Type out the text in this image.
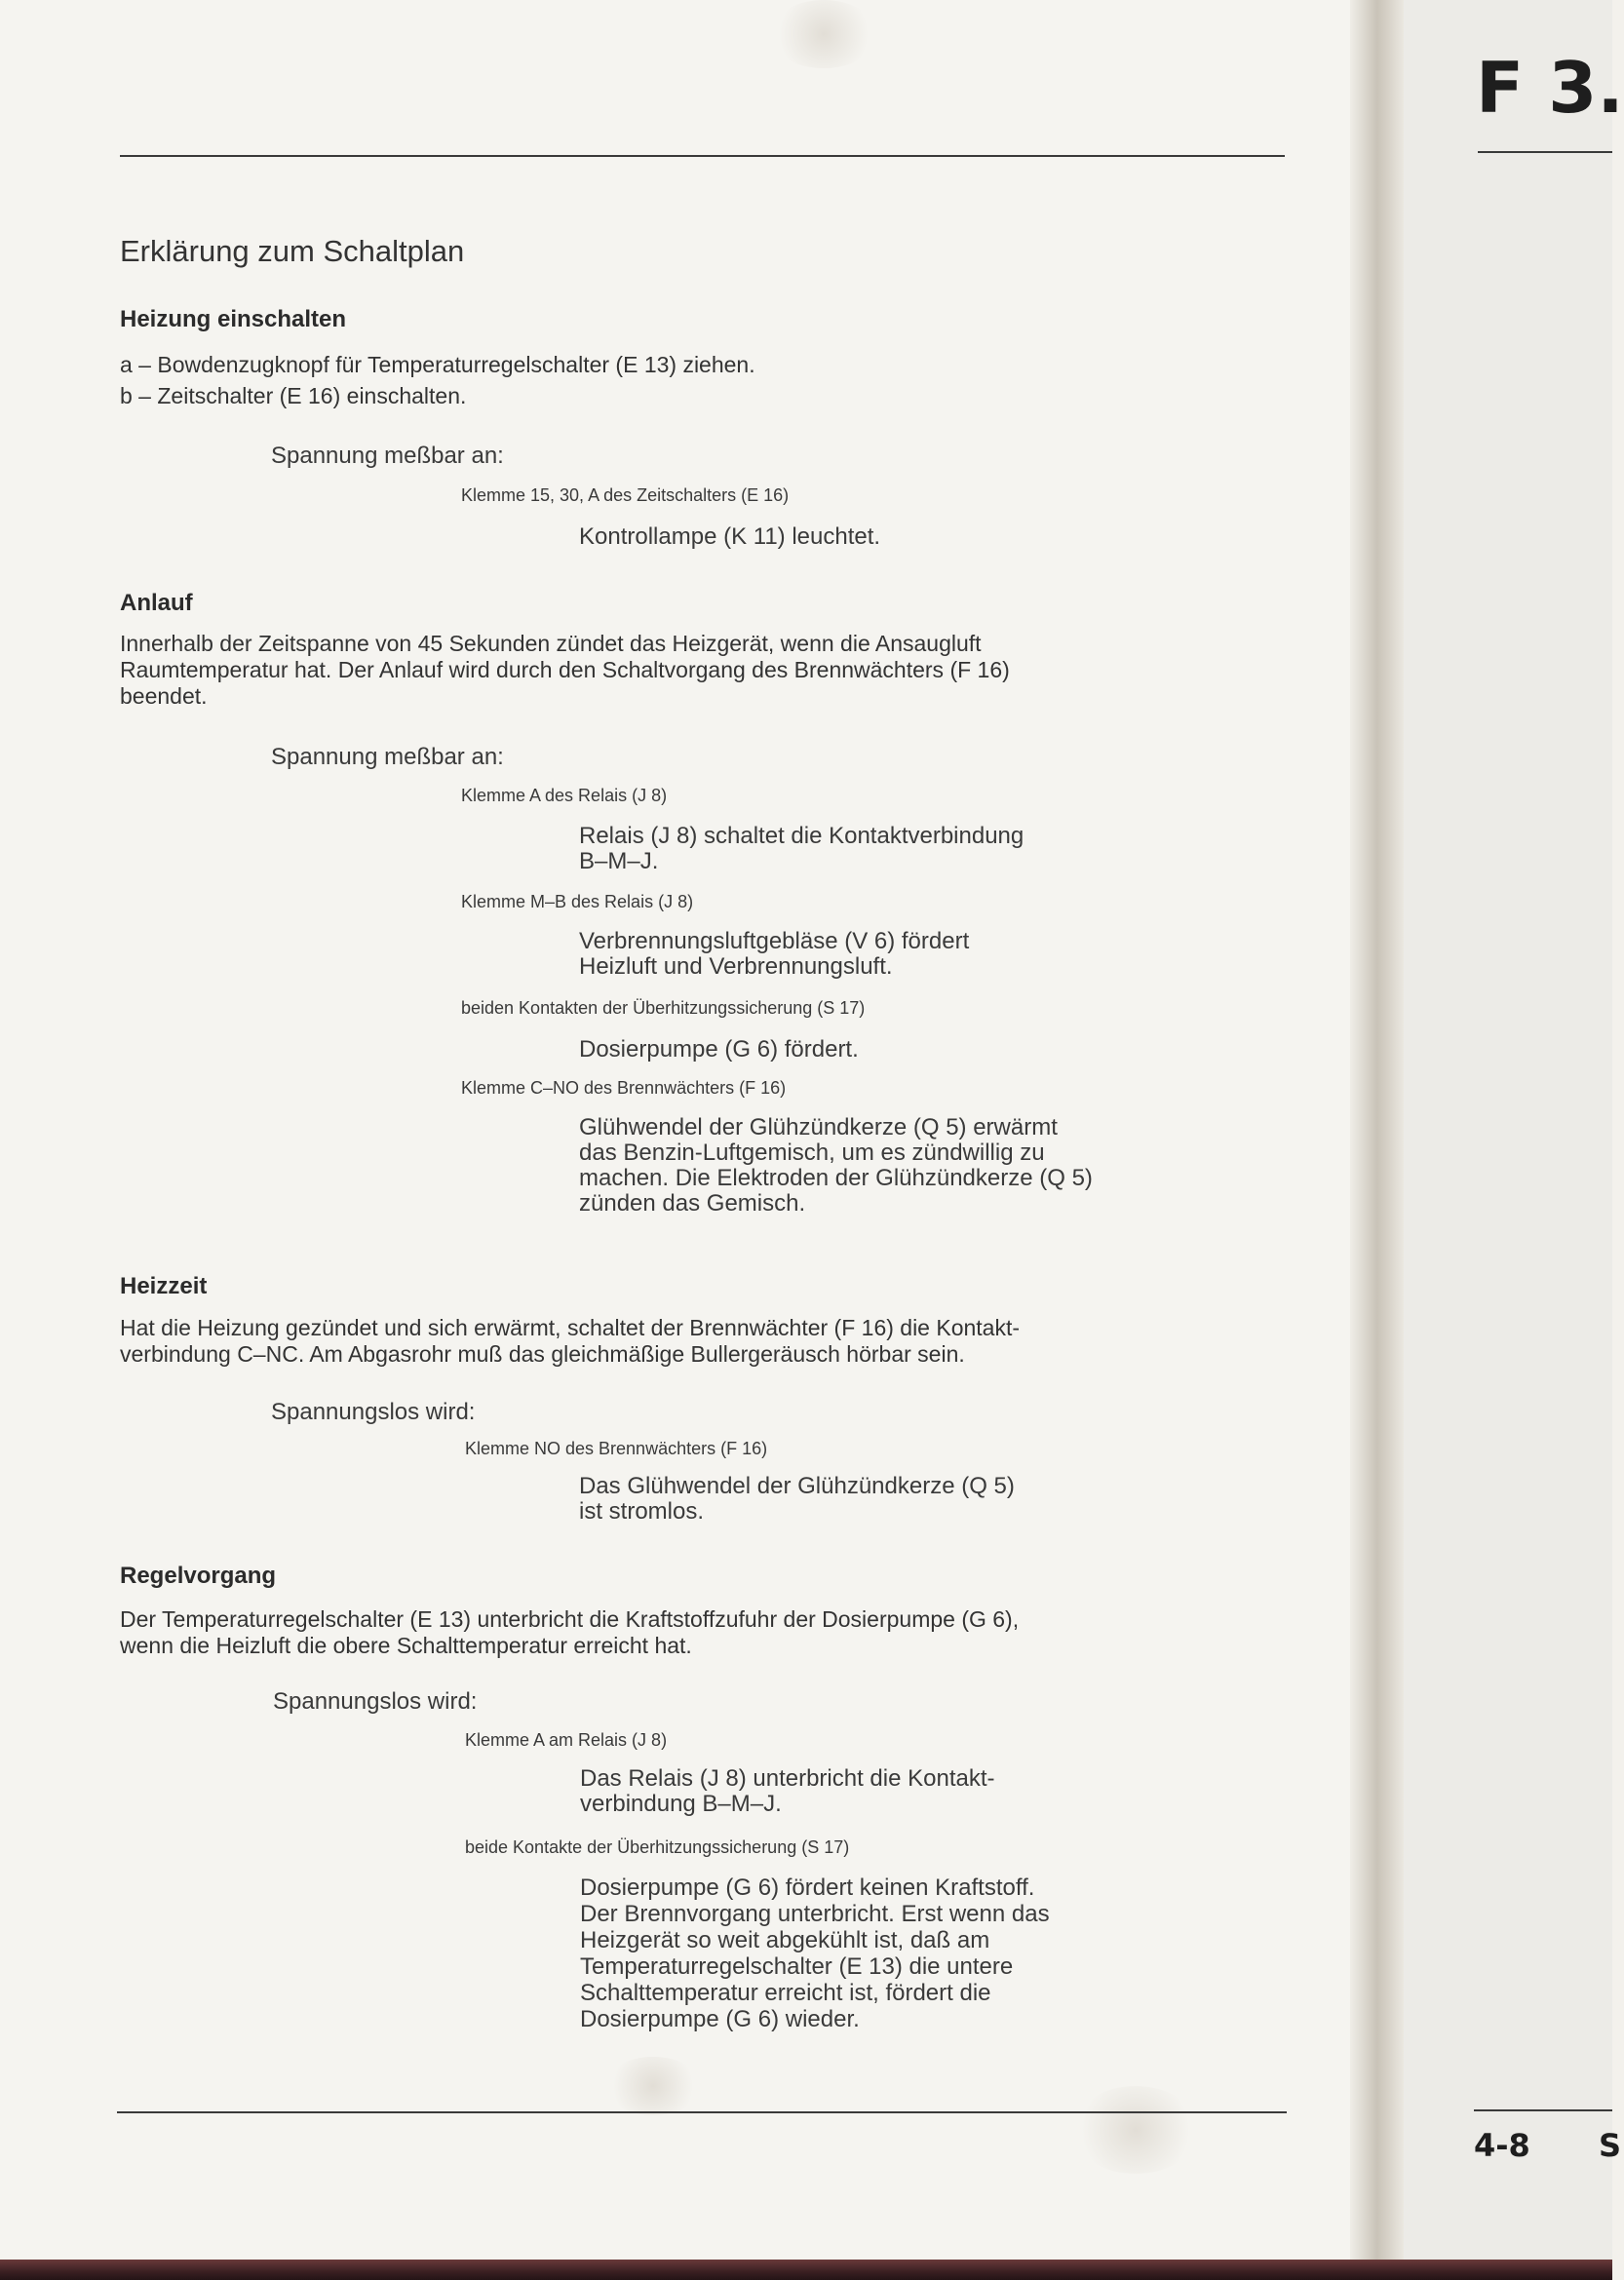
F 3.
4-8 S
Erklärung zum Schaltplan
Heizung einschalten
a – Bowdenzugknopf für Temperaturregelschalter (E 13) ziehen.
b – Zeitschalter (E 16) einschalten.
Spannung meßbar an:
Klemme 15, 30, A des Zeitschalters (E 16)
Kontrollampe (K 11) leuchtet.
Anlauf
Innerhalb der Zeitspanne von 45 Sekunden zündet das Heizgerät, wenn die Ansaugluft
Raumtemperatur hat. Der Anlauf wird durch den Schaltvorgang des Brennwächters (F 16)
beendet.
Spannung meßbar an:
Klemme A des Relais (J 8)
Relais (J 8) schaltet die Kontaktverbindung
B–M–J.
Klemme M–B des Relais (J 8)
Verbrennungsluftgebläse (V 6) fördert
Heizluft und Verbrennungsluft.
beiden Kontakten der Überhitzungssicherung (S 17)
Dosierpumpe (G 6) fördert.
Klemme C–NO des Brennwächters (F 16)
Glühwendel der Glühzündkerze (Q 5) erwärmt
das Benzin-Luftgemisch, um es zündwillig zu
machen. Die Elektroden der Glühzündkerze (Q 5)
zünden das Gemisch.
Heizzeit
Hat die Heizung gezündet und sich erwärmt, schaltet der Brennwächter (F 16) die Kontakt-
verbindung C–NC. Am Abgasrohr muß das gleichmäßige Bullergeräusch hörbar sein.
Spannungslos wird:
Klemme NO des Brennwächters (F 16)
Das Glühwendel der Glühzündkerze (Q 5)
ist stromlos.
Regelvorgang
Der Temperaturregelschalter (E 13) unterbricht die Kraftstoffzufuhr der Dosierpumpe (G 6),
wenn die Heizluft die obere Schalttemperatur erreicht hat.
Spannungslos wird:
Klemme A am Relais (J 8)
Das Relais (J 8) unterbricht die Kontakt-
verbindung B–M–J.
beide Kontakte der Überhitzungssicherung (S 17)
Dosierpumpe (G 6) fördert keinen Kraftstoff.
Der Brennvorgang unterbricht. Erst wenn das
Heizgerät so weit abgekühlt ist, daß am
Temperaturregelschalter (E 13) die untere
Schalttemperatur erreicht ist, fördert die
Dosierpumpe (G 6) wieder.
